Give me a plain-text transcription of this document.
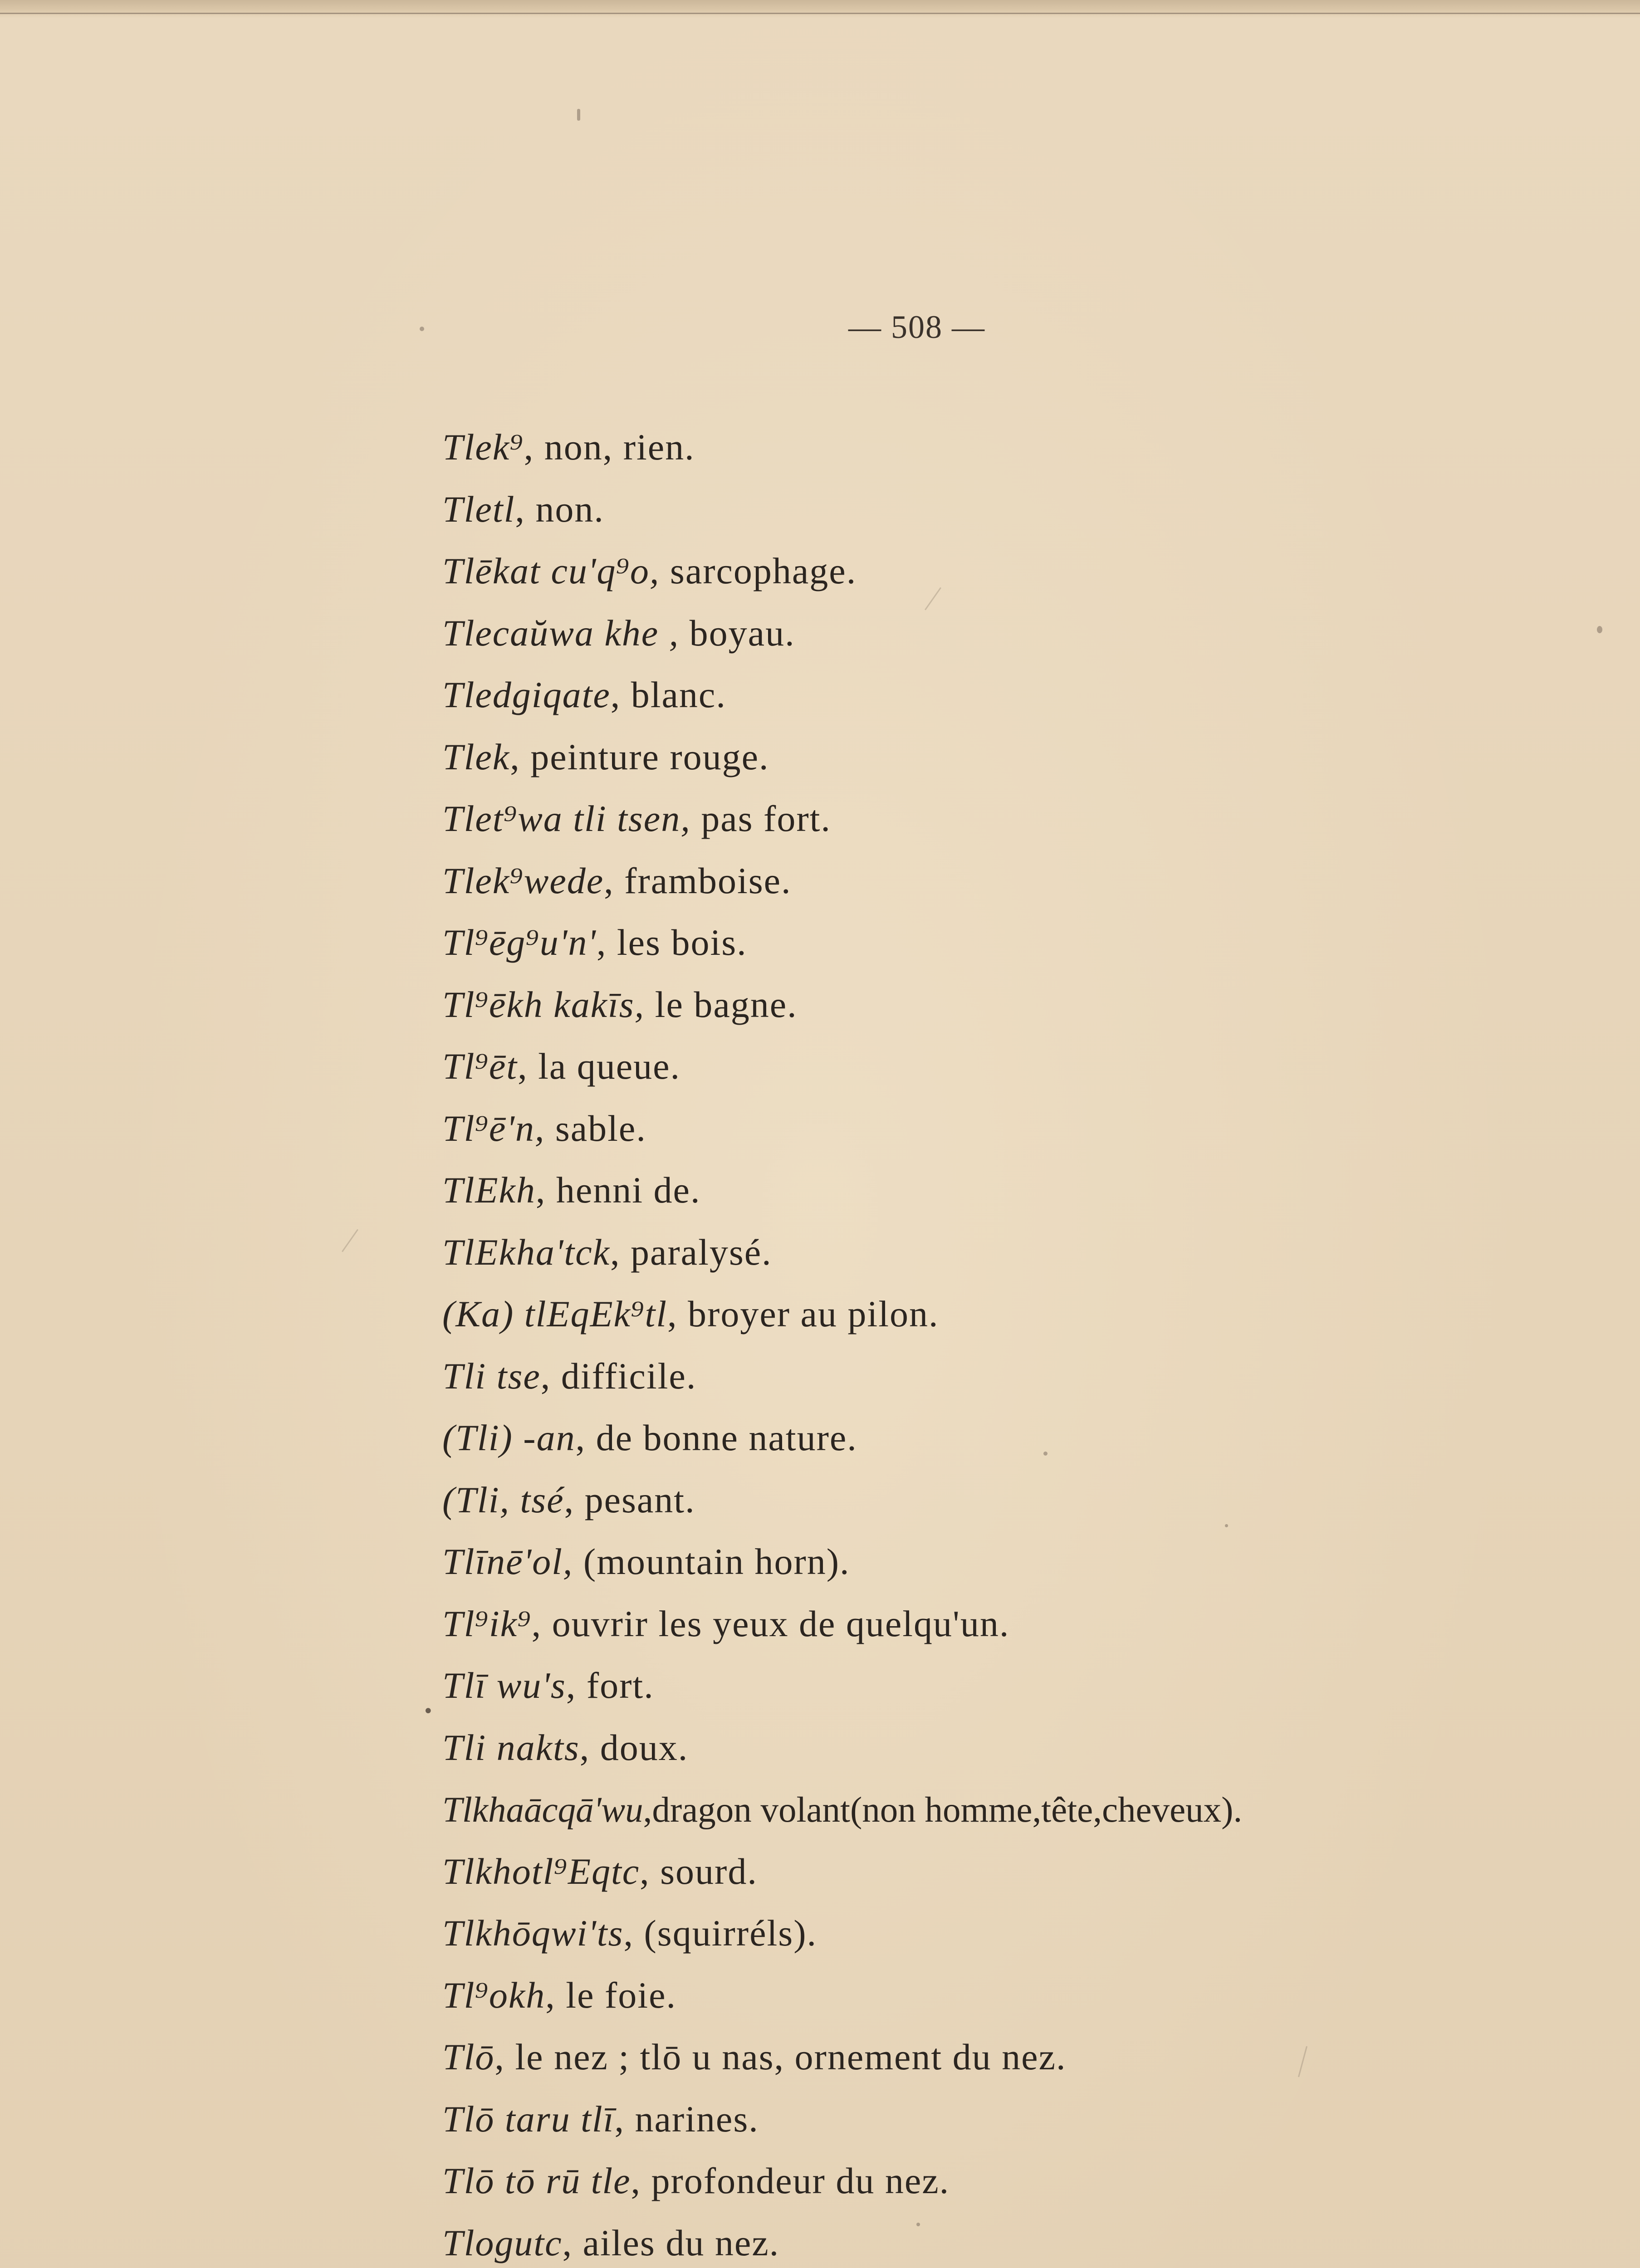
— 508 —
•
Tlek⁹, non, rien.
Tletl, non.
Tlēkat cu'q⁹o, sarcophage.
Tlecaŭwa khe , boyau.
Tledgiqate, blanc.
Tlek, peinture rouge.
Tlet⁹wa tli tsen, pas fort.
Tlek⁹wede, framboise.
Tl⁹ēg⁹u'n', les bois.
Tl⁹ēkh kakīs, le bagne.
Tl⁹ēt, la queue.
Tl⁹ē'n, sable.
TlEkh, henni de.
TlEkha'tck, paralysé.
(Ka) tlEqEk⁹tl, broyer au pilon.
Tli tse, difficile.
(Tli) -an, de bonne nature.
(Tli, tsé, pesant.
Tlīnē'ol, (mountain horn).
Tl⁹ik⁹, ouvrir les yeux de quelqu'un.
Tlī wu's, fort.
Tli nakts, doux.
Tlkhaācqā'wu,dragon volant(non homme,tête,cheveux).
Tlkhotl⁹Eqtc, sourd.
Tlkhōqwi'ts, (squirréls).
Tl⁹okh, le foie.
Tlō, le nez ; tlō u nas, ornement du nez.
Tlō taru tlī, narines.
Tlō tō rū tle, profondeur du nez.
Tlogutc, ailes du nez.
